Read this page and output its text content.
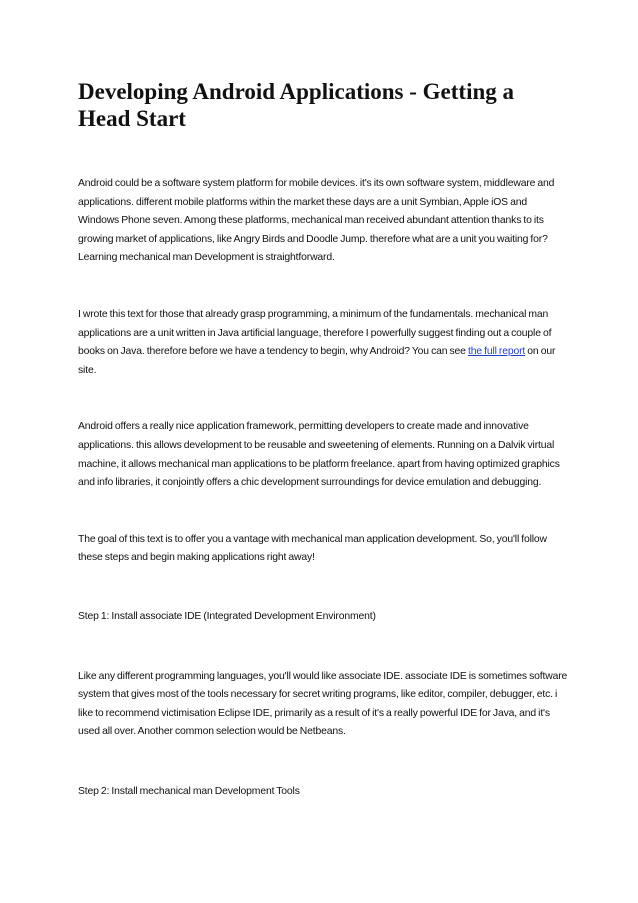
Developing Android Applications - Getting a Head Start

Android could be a software system platform for mobile devices. it's its own software system, middleware and applications. different mobile platforms within the market these days are a unit Symbian, Apple iOS and Windows Phone seven. Among these platforms, mechanical man received abundant attention thanks to its growing market of applications, like Angry Birds and Doodle Jump. therefore what are a unit you waiting for? Learning mechanical man Development is straightforward.

I wrote this text for those that already grasp programming, a minimum of the fundamentals. mechanical man applications are a unit written in Java artificial language, therefore I powerfully suggest finding out a couple of books on Java. therefore before we have a tendency to begin, why Android? You can see the full report on our site.

Android offers a really nice application framework, permitting developers to create made and innovative applications. this allows development to be reusable and sweetening of elements. Running on a Dalvik virtual machine, it allows mechanical man applications to be platform freelance. apart from having optimized graphics and info libraries, it conjointly offers a chic development surroundings for device emulation and debugging.

The goal of this text is to offer you a vantage with mechanical man application development. So, you'll follow these steps and begin making applications right away!

Step 1: Install associate IDE (Integrated Development Environment)

Like any different programming languages, you'll would like associate IDE. associate IDE is sometimes software system that gives most of the tools necessary for secret writing programs, like editor, compiler, debugger, etc. i like to recommend victimisation Eclipse IDE, primarily as a result of it's a really powerful IDE for Java, and it's used all over. Another common selection would be Netbeans.

Step 2: Install mechanical man Development Tools
